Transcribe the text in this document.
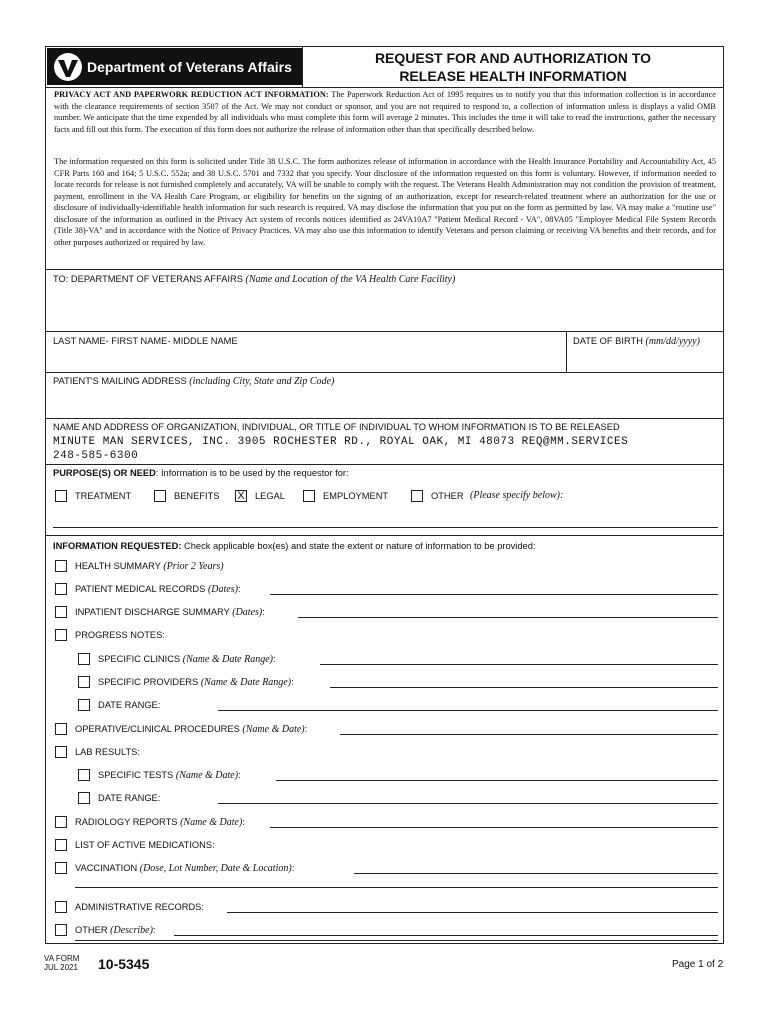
Department of Veterans Affairs
REQUEST FOR AND AUTHORIZATION TO
RELEASE HEALTH INFORMATION
PRIVACY ACT AND PAPERWORK REDUCTION ACT INFORMATION: The Paperwork Reduction Act of 1995 requires us to notify you that this information collection is in accordance with the clearance requirements of section 3507 of the Act. We may not conduct or sponsor, and you are not required to respond to, a collection of information unless is displays a valid OMB number. We anticipate that the time expended by all individuals who must complete this form will average 2 minutes. This includes the time it will take to read the instructions, gather the necessary facts and fill out this form. The execution of this form does not authorize the release of information other than that specifically described below.
The information requested on this form is solicited under Title 38 U.S.C. The form authorizes release of information in accordance with the Health Insurance Portability and Accountability Act, 45 CFR Parts 160 and 164; 5 U.S.C. 552a; and 38 U.S.C. 5701 and 7332 that you specify. Your disclosure of the information requested on this form is voluntary. However, if information needed to locate records for release is not furnished completely and accurately, VA will be unable to comply with the request. The Veterans Health Administration may not condition the provision of treatment, payment, enrollment in the VA Health Care Program, or eligibility for benefits on the signing of an authorization, except for research-related treatment where an authorization for the use or disclosure of individually-identifiable health information for such research is required. VA may disclose the information that you put on the form as permitted by law. VA may make a "routine use" disclosure of the information as outlined in the Privacy Act system of records notices identified as 24VA10A7 "Patient Medical Record - VA", 08VA05 "Employee Medical File System Records (Title 38)-VA" and in accordance with the Notice of Privacy Practices. VA may also use this information to identify Veterans and person claiming or receiving VA benefits and their records, and for other purposes authorized or required by law.
TO: DEPARTMENT OF VETERANS AFFAIRS (Name and Location of the VA Health Care Facility)
LAST NAME- FIRST NAME- MIDDLE NAME	DATE OF BIRTH (mm/dd/yyyy)
PATIENT'S MAILING ADDRESS (including City, State and Zip Code)
NAME AND ADDRESS OF ORGANIZATION, INDIVIDUAL, OR TITLE OF INDIVIDUAL TO WHOM INFORMATION IS TO BE RELEASED
MINUTE MAN SERVICES, INC. 3905 ROCHESTER RD., ROYAL OAK, MI 48073 REQ@MM.SERVICES
248-585-6300
PURPOSE(S) OR NEED: Information is to be used by the requestor for:
TREATMENT	BENEFITS X LEGAL	EMPLOYMENT	OTHER (Please specify below):
INFORMATION REQUESTED: Check applicable box(es) and state the extent or nature of information to be provided:
HEALTH SUMMARY (Prior 2 Years)
PATIENT MEDICAL RECORDS (Dates):
INPATIENT DISCHARGE SUMMARY (Dates):
PROGRESS NOTES:
SPECIFIC CLINICS (Name & Date Range):
SPECIFIC PROVIDERS (Name & Date Range):
DATE RANGE:
OPERATIVE/CLINICAL PROCEDURES (Name & Date):
LAB RESULTS:
SPECIFIC TESTS (Name & Date):
DATE RANGE:
RADIOLOGY REPORTS (Name & Date):
LIST OF ACTIVE MEDICATIONS:
VACCINATION (Dose, Lot Number, Date & Location):
ADMINISTRATIVE RECORDS:
OTHER (Describe):
VA FORM
JUL 2021 10-5345	Page 1 of 2
